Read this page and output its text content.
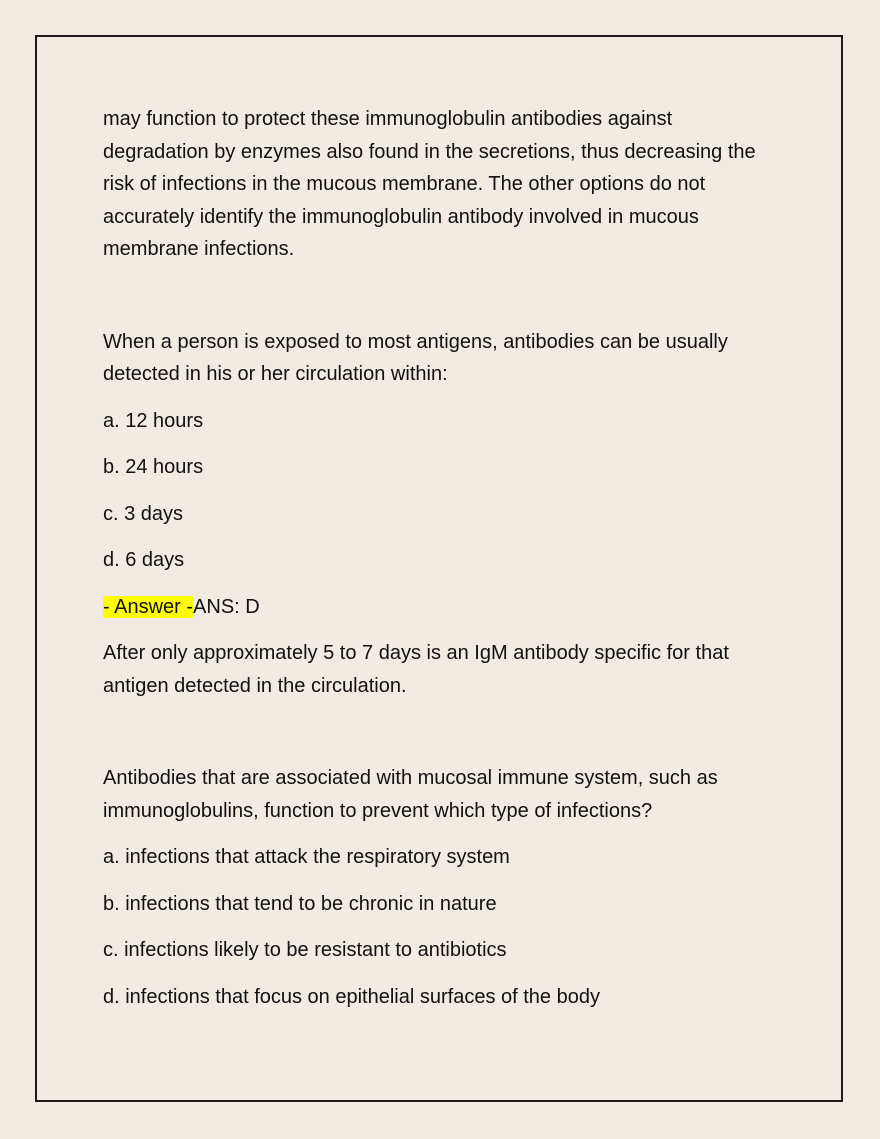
may function to protect these immunoglobulin antibodies against degradation by enzymes also found in the secretions, thus decreasing the risk of infections in the mucous membrane. The other options do not accurately identify the immunoglobulin antibody involved in mucous membrane infections.

When a person is exposed to most antigens, antibodies can be usually detected in his or her circulation within:

a. 12 hours

b. 24 hours

c. 3 days

d. 6 days

- Answer -ANS: D

After only approximately 5 to 7 days is an IgM antibody specific for that antigen detected in the circulation.

Antibodies that are associated with mucosal immune system, such as immunoglobulins, function to prevent which type of infections?

a. infections that attack the respiratory system

b. infections that tend to be chronic in nature

c. infections likely to be resistant to antibiotics

d. infections that focus on epithelial surfaces of the body
